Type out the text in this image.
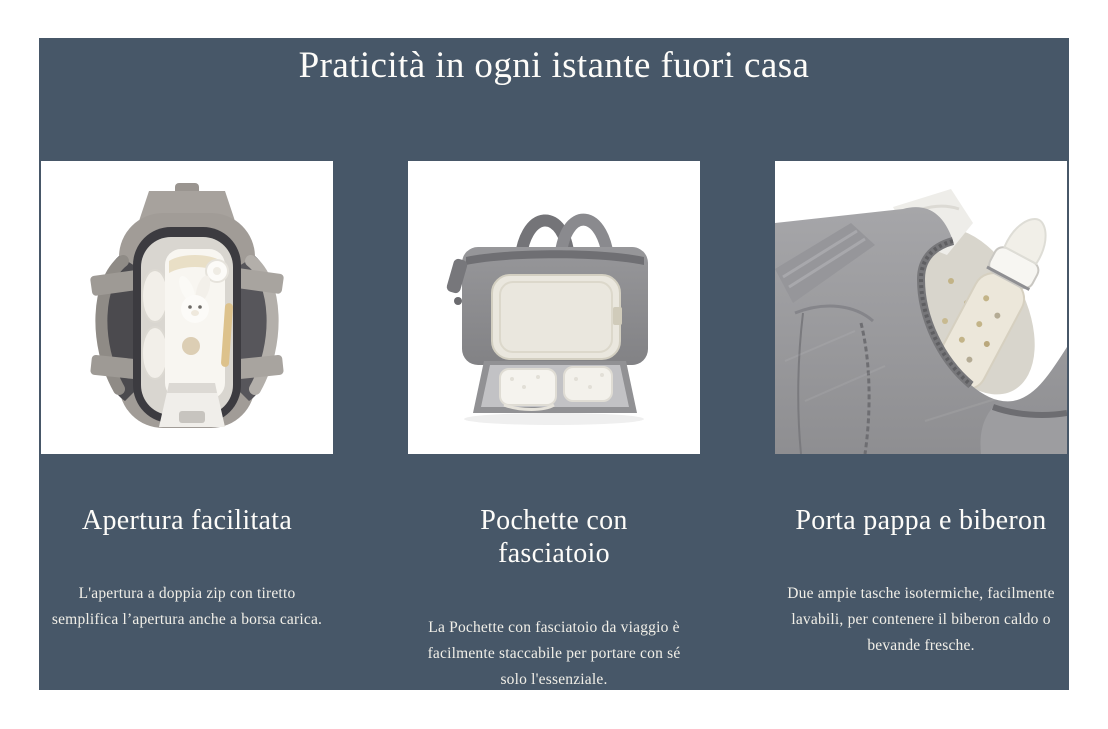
Praticità in ogni istante fuori casa
Apertura facilitata

L'apertura a doppia zip con tiretto
semplifica l’apertura anche a borsa carica.

Pochette con
fasciatoio

La Pochette con fasciatoio da viaggio è
facilmente staccabile per portare con sé
solo l'essenziale.

Porta pappa e biberon

Due ampie tasche isotermiche, facilmente
lavabili, per contenere il biberon caldo o
bevande fresche.
